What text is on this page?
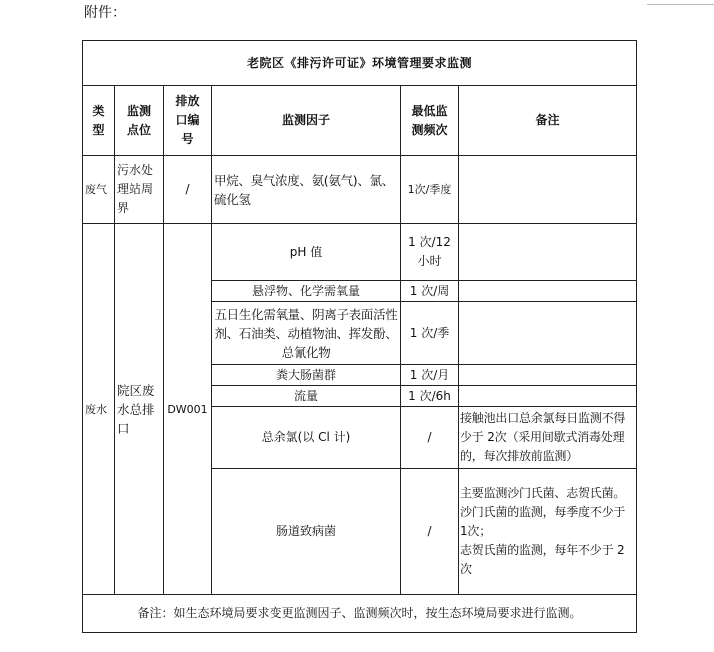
附件：
老院区《排污许可证》环境管理要求监测					
类型	监测点位	排放口编号	监测因子	最低监测频次	备注
废气	污水处理站周界	/	甲烷、臭气浓度、氨(氨气)、氯、硫化氢	1次/季度	
废水	院区废水总排口	DW001	pH 值	1 次/12 小时	
			悬浮物、化学需氧量	1 次/周	
			五日生化需氧量、阴离子表面活性剂、石油类、动植物油、挥发酚、总氰化物	1 次/季	
			粪大肠菌群	1 次/月	
			流量	1 次/6h	
			总余氯(以 Cl 计)	/	接触池出口总余氯每日监测不得少于 2次（采用间歇式消毒处理的，每次排放前监测）
			肠道致病菌	/	主要监测沙门氏菌、志贺氏菌。
沙门氏菌的监测，每季度不少于 1次；
志贺氏菌的监测，每年不少于 2次

备注：如生态环境局要求变更监测因子、监测频次时，按生态环境局要求进行监测。					
